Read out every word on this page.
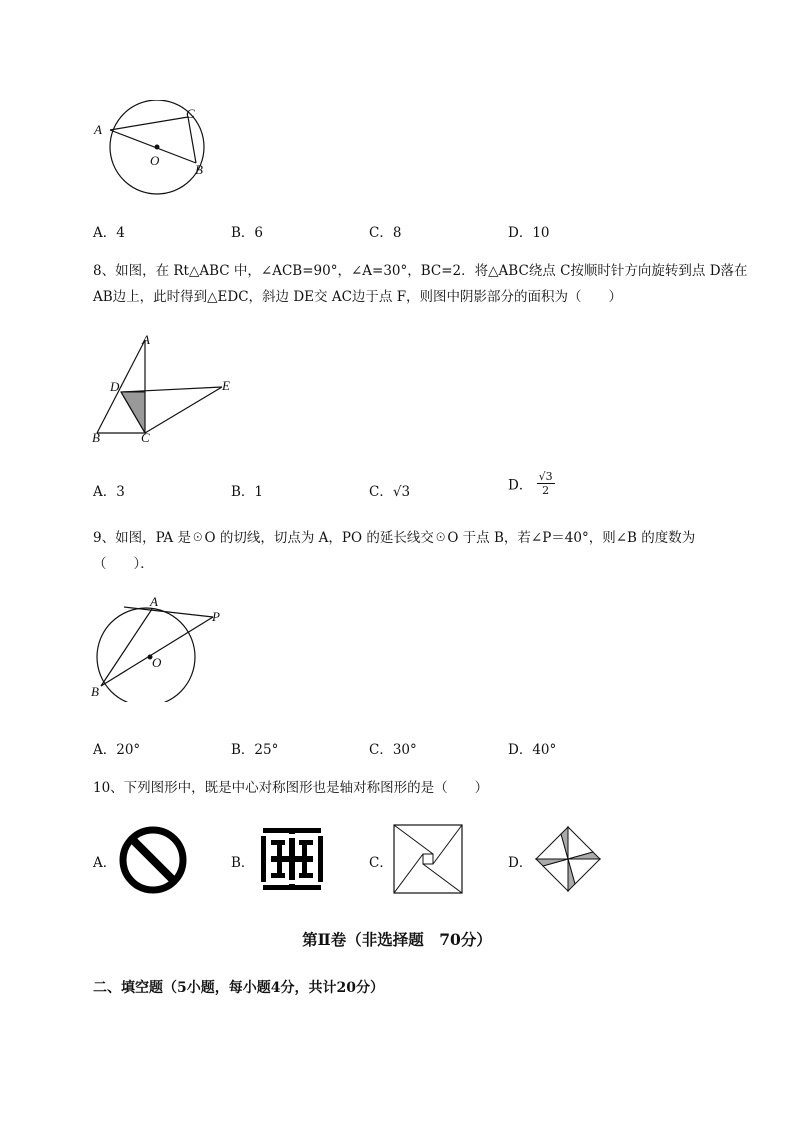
A
C
O
B
A．4	B．6	C．8	D．10
8、如图，在 Rt△ABC 中，∠ACB=90°，∠A=30°，BC=2．将△ABC绕点 C按顺时针方向旋转到点 D落在 AB边上，此时得到△EDC，斜边 DE交 AC边于点 F，则图中阴影部分的面积为（　　）
A
D	E
B	C
A．3	B．1	C．√3	D． $\frac{√3}{2}$
9、如图，PA 是☉O 的切线，切点为 A，PO 的延长线交☉O 于点 B，若∠P＝40°，则∠B 的度数为
（　　）．
A
P
O
B
A．20°	B．25°	C．30°	D．40°
10、下列图形中，既是中心对称图形也是轴对称图形的是（　　）
A．	B．	C．	D．
第Ⅱ卷（非选择题　70分）
二、填空题（5小题，每小题4分，共计20分）
